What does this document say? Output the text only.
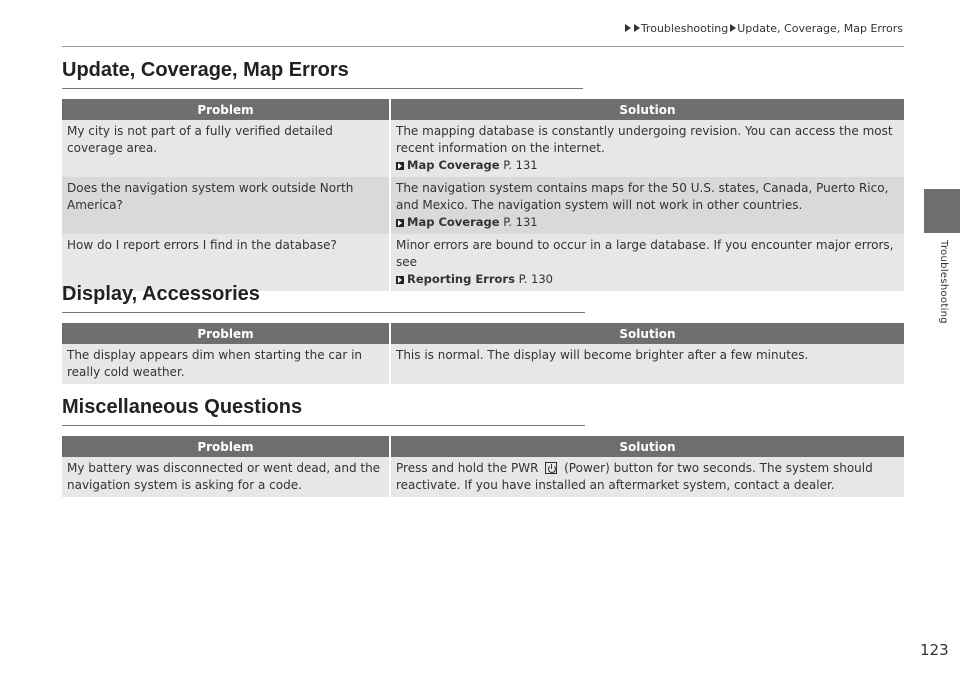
Troubleshooting Update, Coverage, Map Errors
Troubleshooting
Update, Coverage, Map Errors
Problem	Solution
My city is not part of a fully verified detailed coverage area.	The mapping database is constantly undergoing revision. You can access the most recent information on the internet.
Map Coverage P. 131

Does the navigation system work outside North America?	The navigation system contains maps for the 50 U.S. states, Canada, Puerto Rico, and Mexico. The navigation system will not work in other countries.
Map Coverage P. 131

How do I report errors I find in the database?	Minor errors are bound to occur in a large database. If you encounter major errors, see
Reporting Errors P. 130
Display, Accessories
Problem	Solution
The display appears dim when starting the car in really cold weather.	This is normal. The display will become brighter after a few minutes.
Miscellaneous Questions
Problem	Solution
My battery was disconnected or went dead, and the navigation system is asking for a code.	Press and hold the PWR (Power) button for two seconds. The system should reactivate. If you have installed an aftermarket system, contact a dealer.
123
